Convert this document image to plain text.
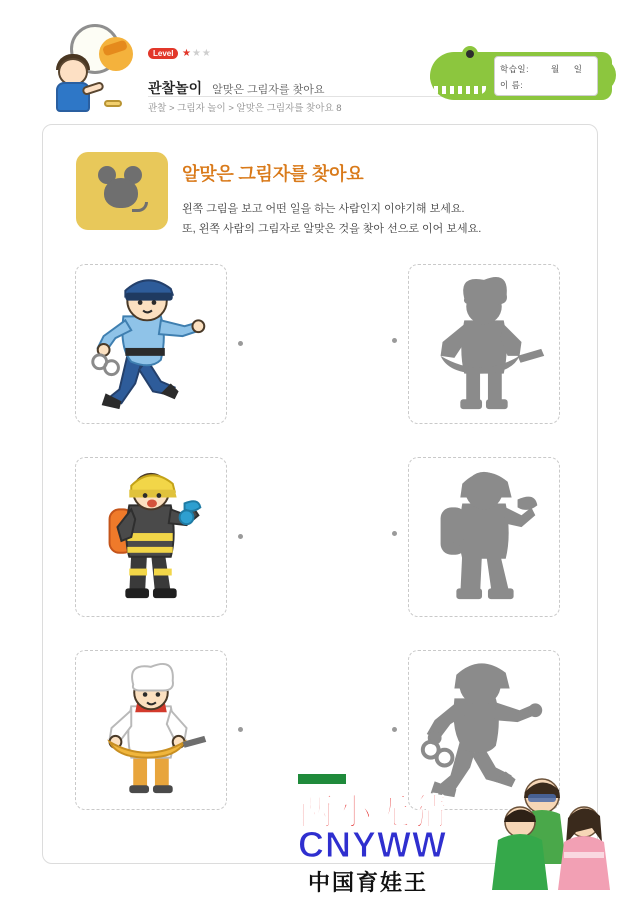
Level ★★★
관찰놀이 알맞은 그림자를 찾아요
관찰 > 그림자 놀이 > 알맞은 그림자를 찾아요 8
학습일:	월 일
이 름:
알맞은 그림자를 찾아요
왼쪽 그림을 보고 어떤 일을 하는 사람인지 이야기해 보세요.
또, 왼쪽 사람의 그림자로 알맞은 것을 찾아 선으로 이어 보세요.
两小无猜
CNYWW
中国育娃王
